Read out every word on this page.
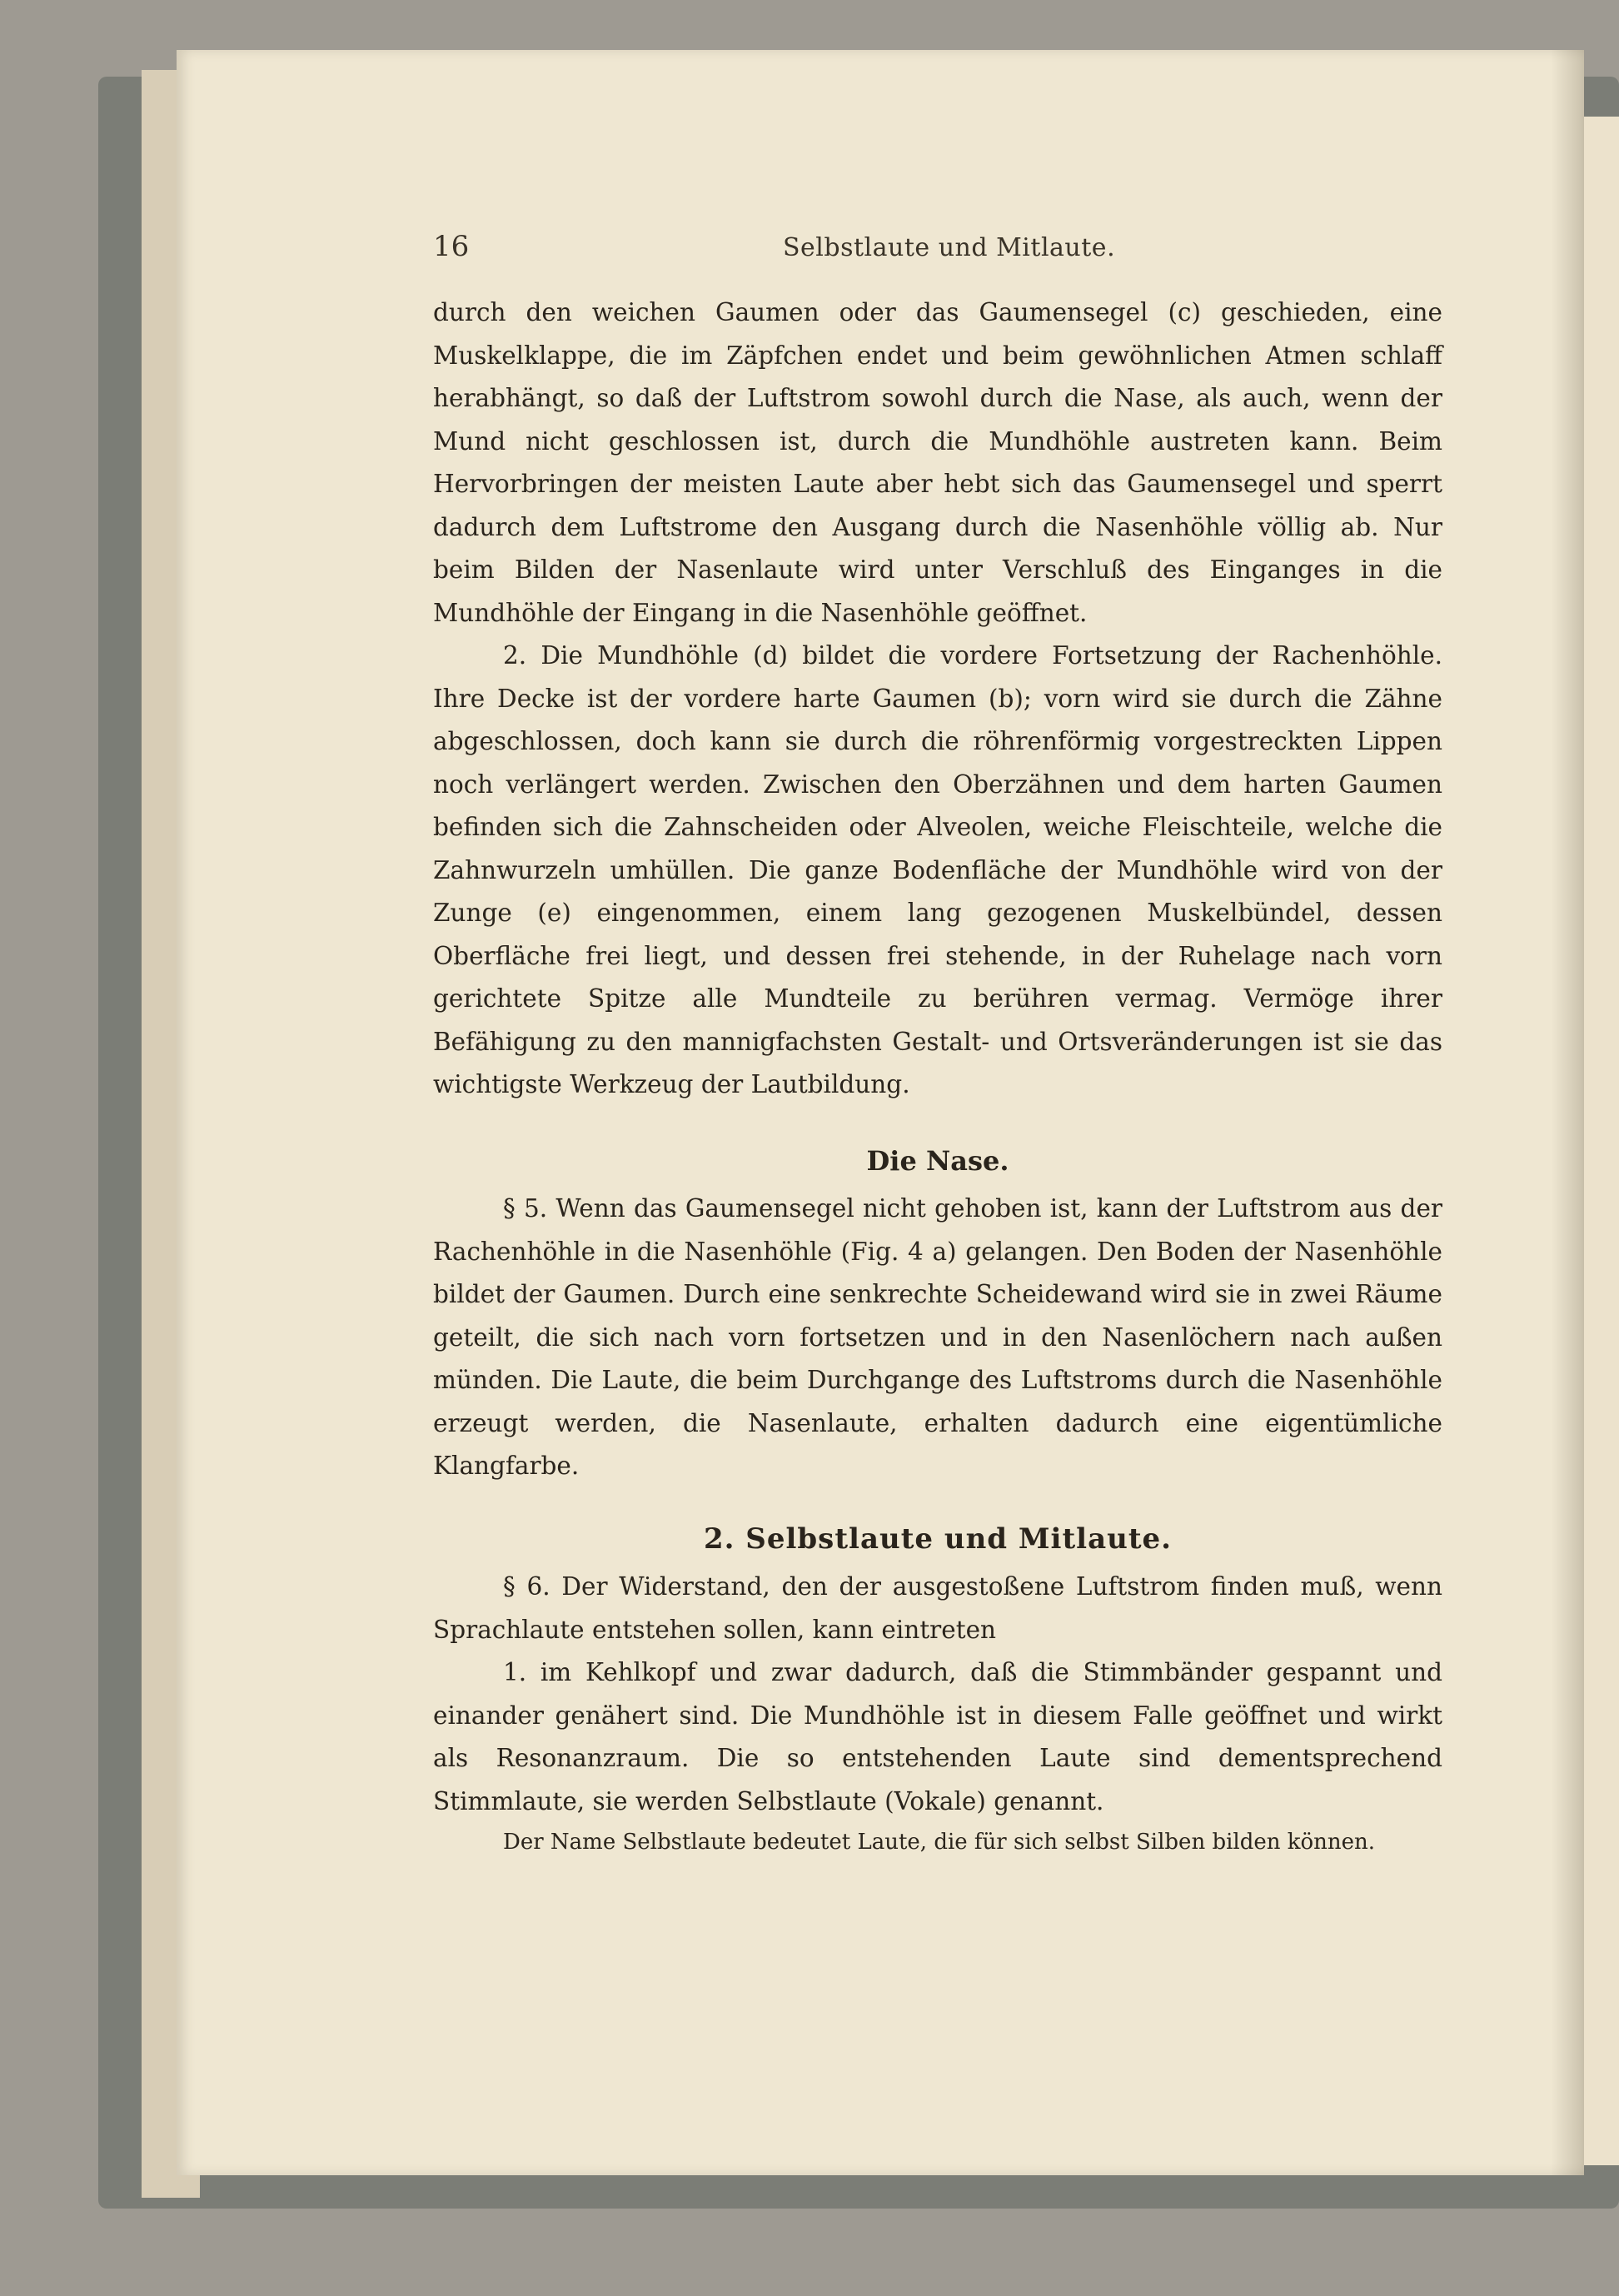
16	Selbstlaute und Mitlaute.

durch den weichen Gaumen oder das Gaumensegel (c) geschieden, eine Muskelklappe, die im Zäpfchen endet und beim gewöhnlichen Atmen schlaff herabhängt, so daß der Luftstrom sowohl durch die Nase, als auch, wenn der Mund nicht geschlossen ist, durch die Mundhöhle austreten kann. Beim Hervorbringen der meisten Laute aber hebt sich das Gaumensegel und sperrt dadurch dem Luftstrome den Ausgang durch die Nasenhöhle völlig ab. Nur beim Bilden der Nasenlaute wird unter Verschluß des Einganges in die Mundhöhle der Eingang in die Nasenhöhle geöffnet.

2. Die Mundhöhle (d) bildet die vordere Fortsetzung der Rachenhöhle. Ihre Decke ist der vordere harte Gaumen (b); vorn wird sie durch die Zähne abgeschlossen, doch kann sie durch die röhrenförmig vorgestreckten Lippen noch verlängert werden. Zwischen den Oberzähnen und dem harten Gaumen befinden sich die Zahnscheiden oder Alveolen, weiche Fleischteile, welche die Zahnwurzeln umhüllen. Die ganze Bodenfläche der Mundhöhle wird von der Zunge (e) eingenommen, einem lang gezogenen Muskelbündel, dessen Oberfläche frei liegt, und dessen frei stehende, in der Ruhelage nach vorn gerichtete Spitze alle Mundteile zu berühren vermag. Vermöge ihrer Befähigung zu den mannigfachsten Gestalt- und Ortsveränderungen ist sie das wichtigste Werkzeug der Lautbildung.

Die Nase.

§ 5. Wenn das Gaumensegel nicht gehoben ist, kann der Luftstrom aus der Rachenhöhle in die Nasenhöhle (Fig. 4 a) gelangen. Den Boden der Nasenhöhle bildet der Gaumen. Durch eine senkrechte Scheidewand wird sie in zwei Räume geteilt, die sich nach vorn fortsetzen und in den Nasenlöchern nach außen münden. Die Laute, die beim Durchgange des Luftstroms durch die Nasenhöhle erzeugt werden, die Nasenlaute, erhalten dadurch eine eigentümliche Klangfarbe.

2. Selbstlaute und Mitlaute.

§ 6. Der Widerstand, den der ausgestoßene Luftstrom finden muß, wenn Sprachlaute entstehen sollen, kann eintreten

1. im Kehlkopf und zwar dadurch, daß die Stimmbänder gespannt und einander genähert sind. Die Mundhöhle ist in diesem Falle geöffnet und wirkt als Resonanzraum. Die so entstehenden Laute sind dementsprechend Stimmlaute, sie werden Selbstlaute (Vokale) genannt.

Der Name Selbstlaute bedeutet Laute, die für sich selbst Silben bilden können.
